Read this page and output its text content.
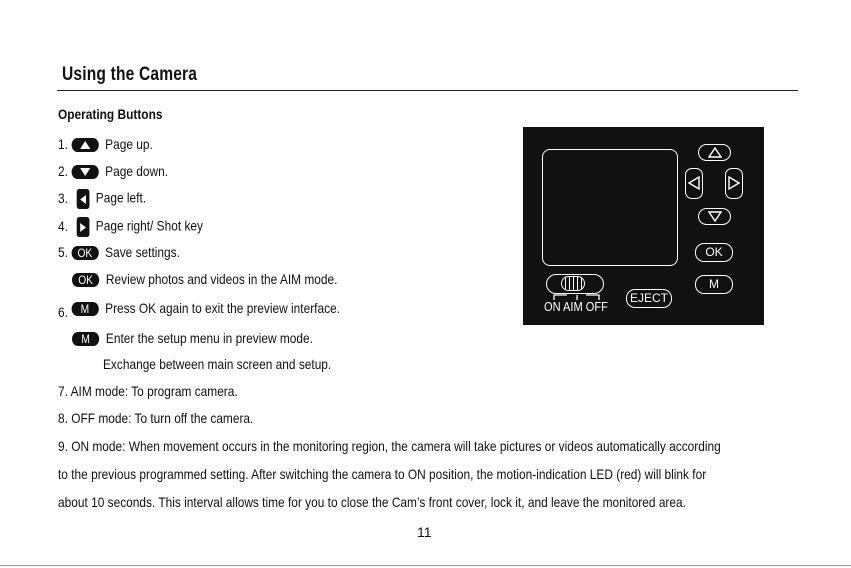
Using the Camera
Operating Buttons
1.	Page up.
2.	Page down.
3. Page left.
4. Page right/ Shot key
5. OK Save settings.
OK Review photos and videos in the AIM mode.
6. M Press OK again to exit the preview interface.
M Enter the setup menu in preview mode.
Exchange between main screen and setup.
7. AIM mode: To program camera.
8. OFF mode: To turn off the camera.
9. ON mode: When movement occurs in the monitoring region, the camera will take pictures or videos automatically according
to the previous programmed setting. After switching the camera to ON position, the motion-indication LED (red) will blink for
about 10 seconds. This interval allows time for you to close the Cam’s front cover, lock it, and leave the monitored area.
11
OK
M
EJECT
ON AIM OFF
